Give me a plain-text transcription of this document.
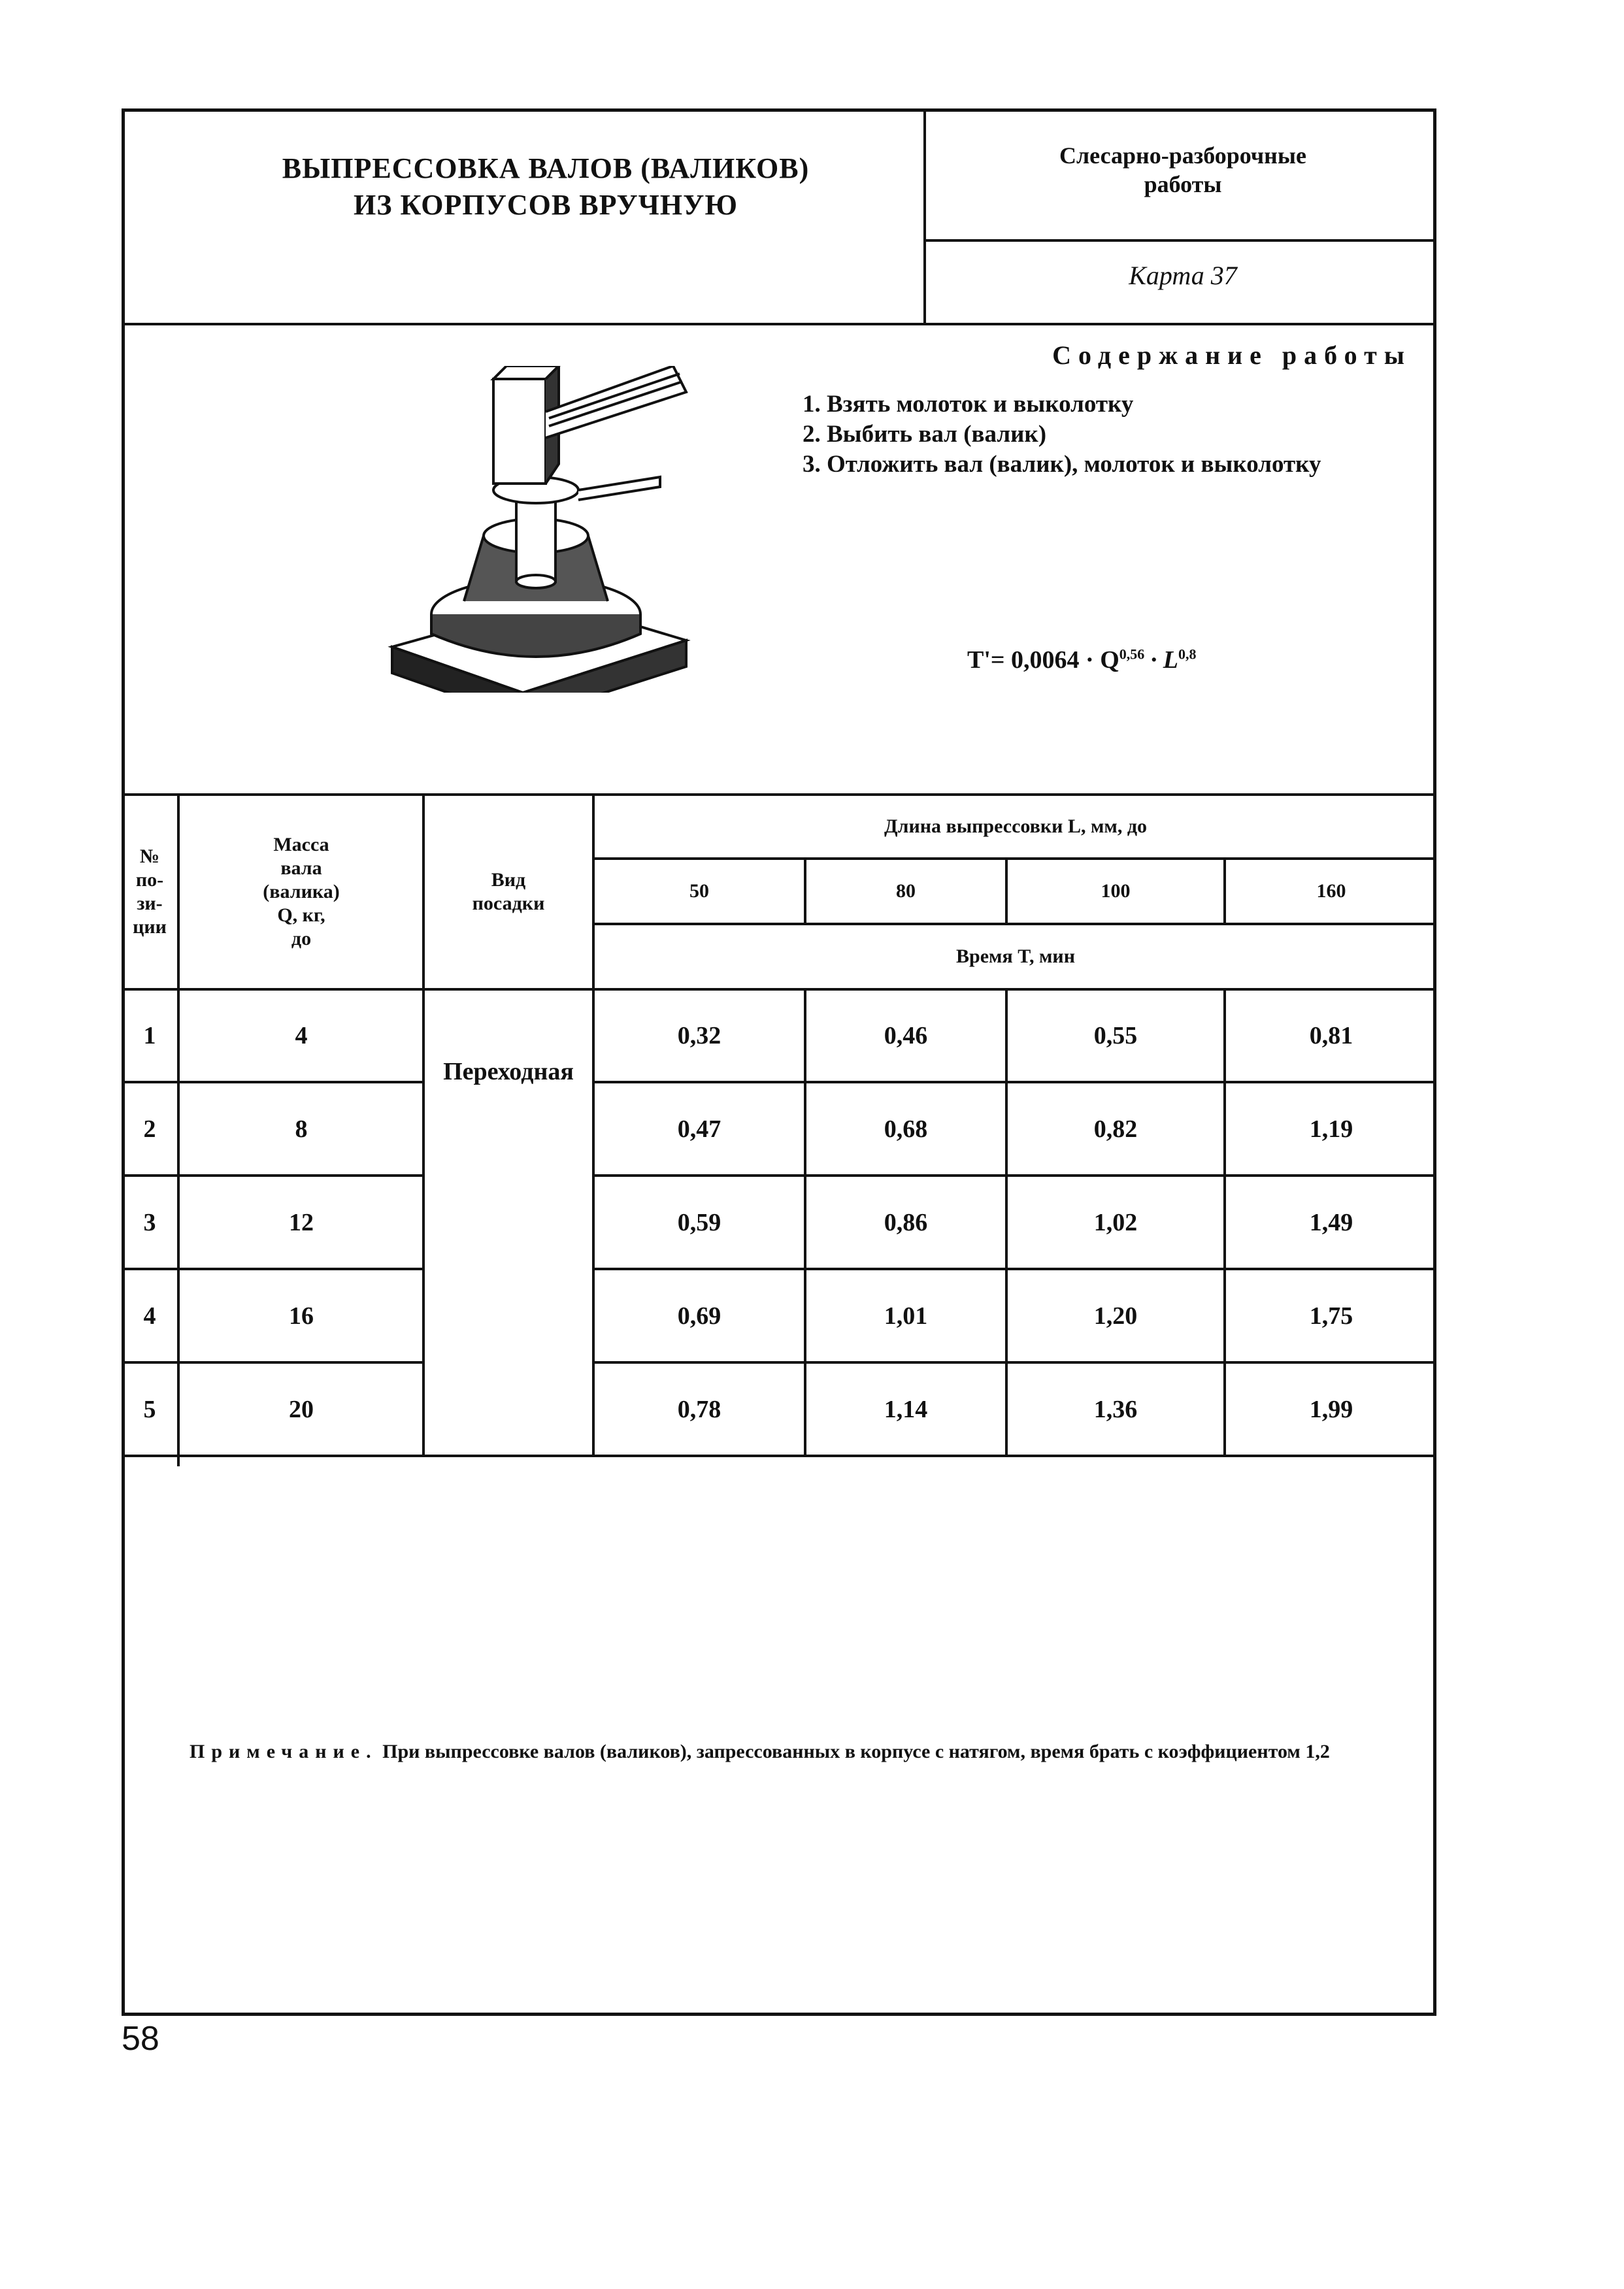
ВЫПРЕССОВКА ВАЛОВ (ВАЛИКОВ)
ИЗ КОРПУСОВ ВРУЧНУЮ
Слесарно-разборочные
работы
Карта 37
Содержание работы
1. Взять молоток и выколотку
2. Выбить вал (валик)
3. Отложить вал (валик), молоток и выколотку
T'= 0,0064 · Q$^{0,56}$ · L$^{0,8}$
№
по-
зи-
ции
Масса
вала
(валика)
Q, кг,
до
Вид
посадки
Длина выпрессовки L, мм, до
50	80	100	160
Время T, мин
Переходная
1	4	0,32	0,46	0,55	0,81
2	8	0,47	0,68	0,82	1,19
3	12	0,59	0,86	1,02	1,49
4	16	0,69	1,01	1,20	1,75
5	20	0,78	1,14	1,36	1,99
Примечание. При выпрессовке валов (валиков), запрессованных в корпусе с натягом, время брать с коэффициентом 1,2
58
